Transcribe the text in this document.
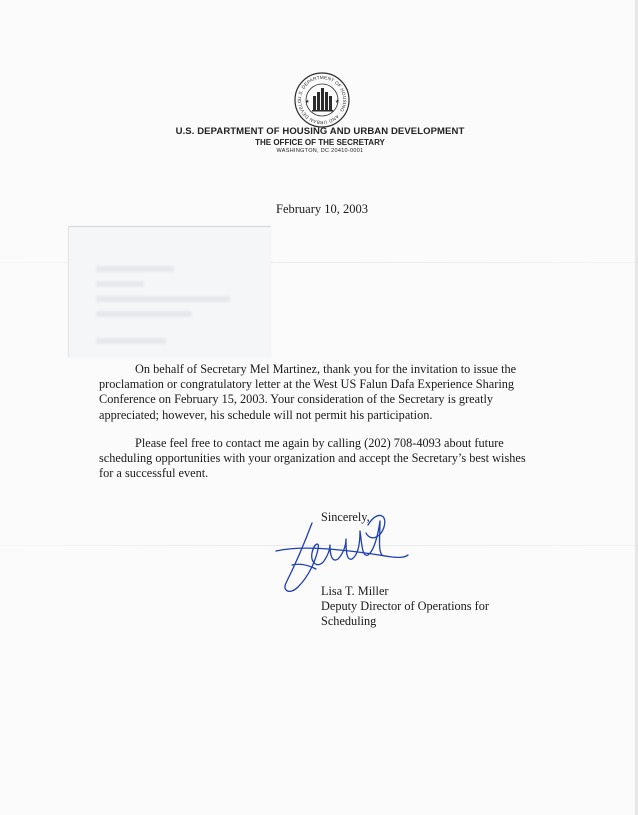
U.S. DEPARTMENT OF HOUSING · AND URBAN DEVELO ★	★
U.S. DEPARTMENT OF HOUSING AND URBAN DEVELOPMENT
THE OFFICE OF THE SECRETARY
WASHINGTON, DC 20410-0001
February 10, 2003

On behalf of Secretary Mel Martinez, thank you for the invitation to issue the proclamation or congratulatory letter at the West US Falun Dafa Experience Sharing Conference on February 15, 2003. Your consideration of the Secretary is greatly appreciated; however, his schedule will not permit his participation.

Please feel free to contact me again by calling (202) 708-4093 about future scheduling opportunities with your organization and accept the Secretary’s best wishes for a successful event.

Sincerely,
Lisa T. Miller
Deputy Director of Operations for
Scheduling
